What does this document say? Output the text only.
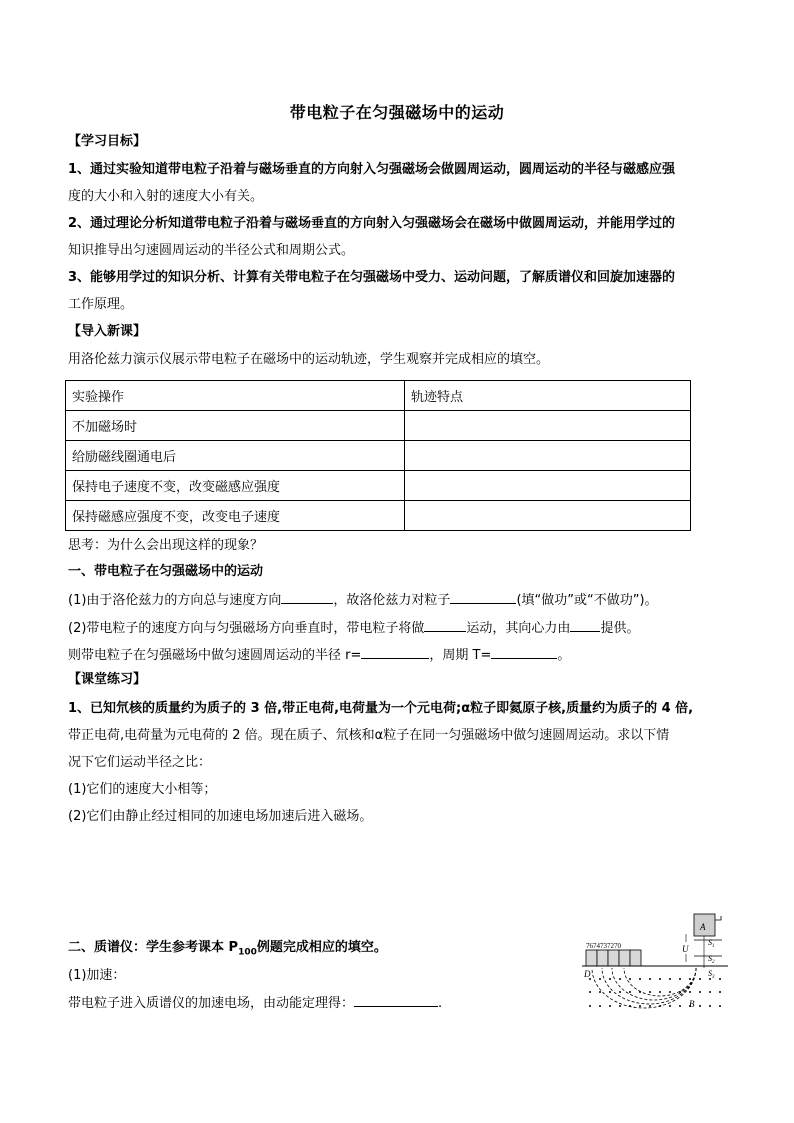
带电粒子在匀强磁场中的运动
【学习目标】
1、通过实验知道带电粒子沿着与磁场垂直的方向射入匀强磁场会做圆周运动，圆周运动的半径与磁感应强
度的大小和入射的速度大小有关。
2、通过理论分析知道带电粒子沿着与磁场垂直的方向射入匀强磁场会在磁场中做圆周运动，并能用学过的
知识推导出匀速圆周运动的半径公式和周期公式。
3、能够用学过的知识分析、计算有关带电粒子在匀强磁场中受力、运动问题，了解质谱仪和回旋加速器的
工作原理。
【导入新课】
用洛伦兹力演示仪展示带电粒子在磁场中的运动轨迹，学生观察并完成相应的填空。
实验操作	轨迹特点
不加磁场时	
给励磁线圈通电后	
保持电子速度不变，改变磁感应强度	
保持磁感应强度不变，改变电子速度	
思考：为什么会出现这样的现象？
一、带电粒子在匀强磁场中的运动
(1)由于洛伦兹力的方向总与速度方向	，故洛伦兹力对粒子	(填“做功”或“不做功”)。
(2)带电粒子的速度方向与匀强磁场方向垂直时，带电粒子将做	运动，其向心力由 提供。
则带电粒子在匀强磁场中做匀速圆周运动的半径 r=	，周期 T=	。
【课堂练习】
1、已知氘核的质量约为质子的 3 倍,带正电荷,电荷量为一个元电荷;α粒子即氦原子核,质量约为质子的 4 倍,
带正电荷,电荷量为元电荷的 2 倍。现在质子、氘核和α粒子在同一匀强磁场中做匀速圆周运动。求以下情
况下它们运动半径之比：
(1)它们的速度大小相等；
(2)它们由静止经过相同的加速电场加速后进入磁场。
二、质谱仪：学生参考课本 $P_{100}$例题完成相应的填空。
(1)加速：
带电粒子进入质谱仪的加速电场，由动能定理得：	.
7674737270
D
B
A
$S_1$
$S_2$
$S_3$
U
